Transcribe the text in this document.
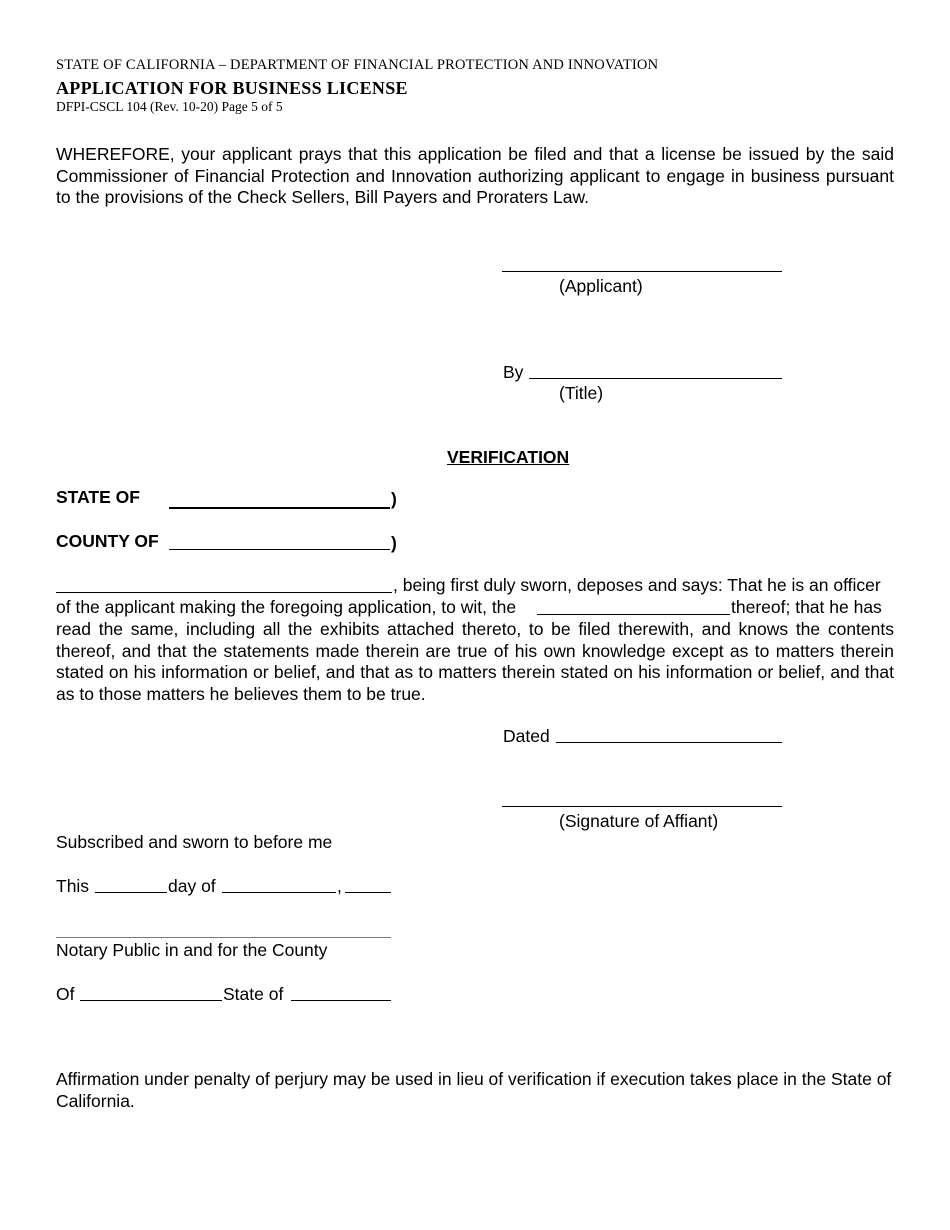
STATE OF CALIFORNIA – DEPARTMENT OF FINANCIAL PROTECTION AND INNOVATION
APPLICATION FOR BUSINESS LICENSE
DFPI-CSCL 104 (Rev. 10-20) Page 5 of 5
WHEREFORE, your applicant prays that this application be filed and that a license be issued by the said Commissioner of Financial Protection and Innovation authorizing applicant to engage in business pursuant to the provisions of the Check Sellers, Bill Payers and Proraters Law.
(Applicant)
By
(Title)
VERIFICATION
STATE OF	)
COUNTY OF	)
, being first duly sworn, deposes and says: That he is an officer
of the applicant making the foregoing application, to wit, the	thereof; that he has
read the same, including all the exhibits attached thereto, to be filed therewith, and knows the contents thereof, and that the statements made therein are true of his own knowledge except as to matters therein stated on his information or belief, and that as to matters therein stated on his information or belief, and that as to those matters he believes them to be true.
Dated
(Signature of Affiant)
Subscribed and sworn to before me
This	day of	,
Notary Public in and for the County
Of	State of
Affirmation under penalty of perjury may be used in lieu of verification if execution takes place in the State of California.
